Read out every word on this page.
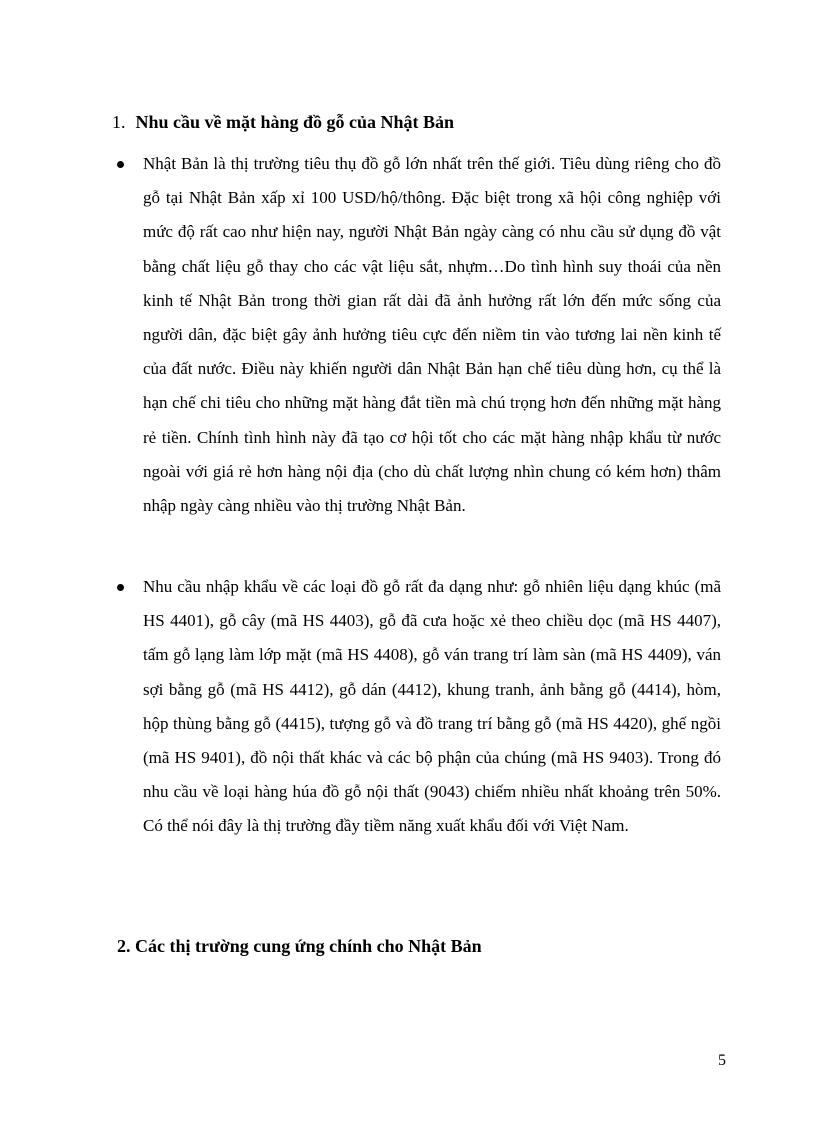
1. Nhu cầu về mặt hàng đồ gỗ của Nhật Bản
Nhật Bản là thị trường tiêu thụ đồ gỗ lớn nhất trên thế giới. Tiêu dùng riêng cho đồ gỗ tại Nhật Bản xấp xỉ 100 USD/hộ/thông. Đặc biệt trong xã hội công nghiệp với mức độ rất cao như hiện nay, người Nhật Bản ngày càng có nhu cầu sử dụng đồ vật bằng chất liệu gỗ thay cho các vật liệu sắt, nhựm…Do tình hình suy thoái của nền kinh tế Nhật Bản trong thời gian rất dài đã ảnh hưởng rất lớn đến mức sống của người dân, đặc biệt gây ảnh hưởng tiêu cực đến niềm tin vào tương lai nền kinh tế của đất nước. Điều này khiến người dân Nhật Bản hạn chế tiêu dùng hơn, cụ thể là hạn chế chi tiêu cho những mặt hàng đắt tiền mà chú trọng hơn đến những mặt hàng rẻ tiền. Chính tình hình này đã tạo cơ hội tốt cho các mặt hàng nhập khẩu từ nước ngoài với giá rẻ hơn hàng nội địa (cho dù chất lượng nhìn chung có kém hơn) thâm nhập ngày càng nhiều vào thị trường Nhật Bản.
Nhu cầu nhập khẩu về các loại đồ gỗ rất đa dạng như: gỗ nhiên liệu dạng khúc (mã HS 4401), gỗ cây (mã HS 4403), gỗ đã cưa hoặc xẻ theo chiều dọc (mã HS 4407), tấm gỗ lạng làm lớp mặt (mã HS 4408), gỗ ván trang trí làm sàn (mã HS 4409), ván sợi bằng gỗ (mã HS 4412), gỗ dán (4412), khung tranh, ảnh bằng gỗ (4414), hòm, hộp thùng bằng gỗ (4415), tượng gỗ và đồ trang trí bằng gỗ (mã HS 4420), ghế ngồi (mã HS 9401), đồ nội thất khác và các bộ phận của chúng (mã HS 9403). Trong đó nhu cầu về loại hàng húa đồ gỗ nội thất (9043) chiếm nhiều nhất khoảng trên 50%. Có thể nói đây là thị trường đầy tiềm năng xuất khẩu đối với Việt Nam.
2. Các thị trường cung ứng chính cho Nhật Bản
5
